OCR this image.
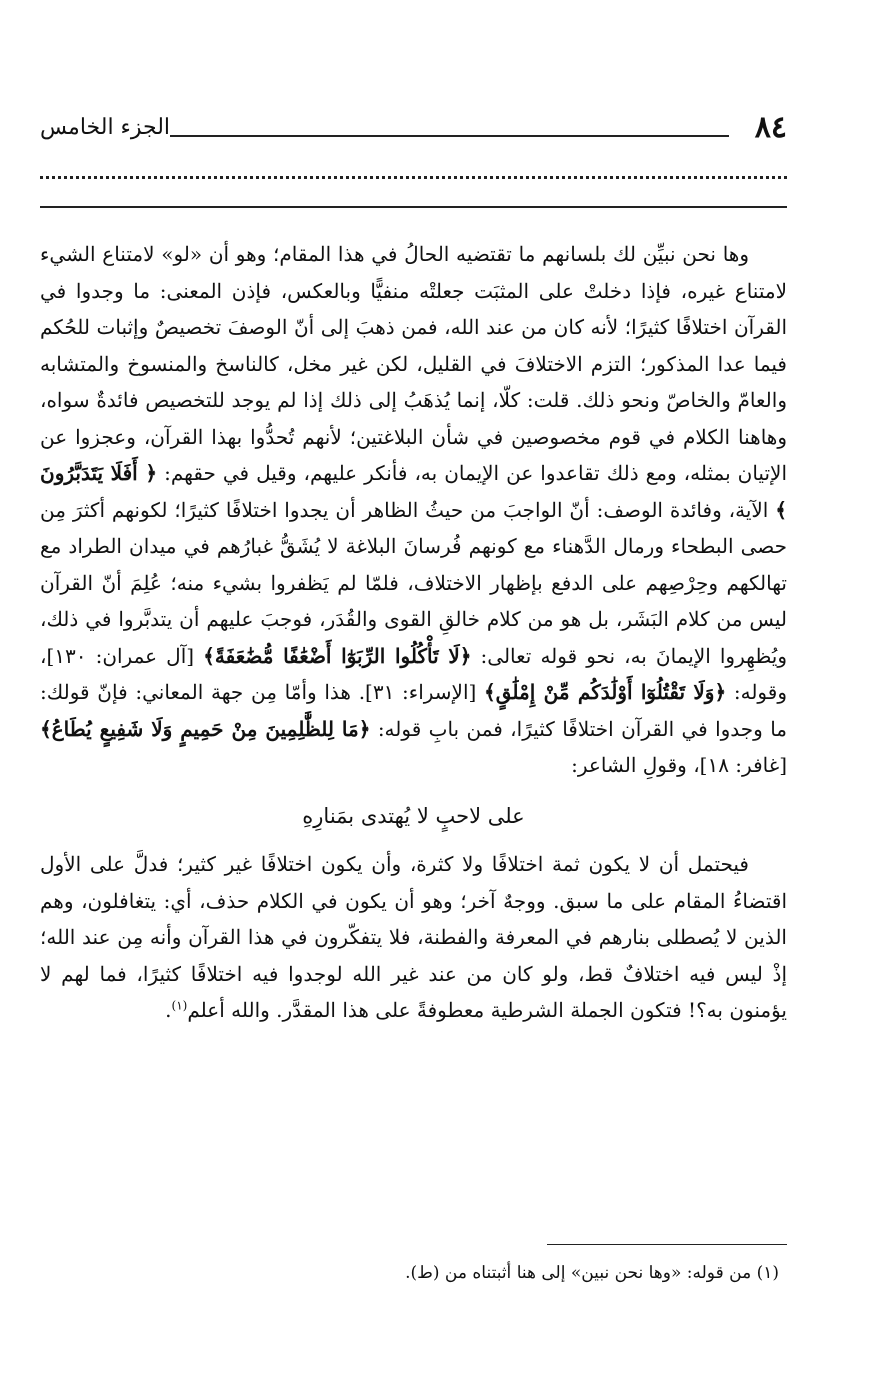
٨٤
الجزء الخامس

وها نحن نبيِّن لك بلسانهم ما تقتضيه الحالُ في هذا المقام؛ وهو أن «لو» لامتناع الشيء لامتناع غيره، فإذا دخلتْ على المثبَت جعلتْه منفيًّا وبالعكس، فإذن المعنى: ما وجدوا في القرآن اختلافًا كثيرًا؛ لأنه كان من عند الله، فمن ذهبَ إلى أنّ الوصفَ تخصيصٌ وإثبات للحُكم فيما عدا المذكور؛ التزم الاختلافَ في القليل، لكن غير مخل، كالناسخ والمنسوخ والمتشابه والعامّ والخاصّ ونحو ذلك. قلت: كلّا، إنما يُذهَبُ إلى ذلك إذا لم يوجد للتخصيص فائدةٌ سواه، وهاهنا الكلام في قوم مخصوصين في شأن البلاغتين؛ لأنهم تُحدُّوا بهذا القرآن، وعجزوا عن الإتيان بمثله، ومع ذلك تقاعدوا عن الإيمان به، فأنكر عليهم، وقيل في حقهم: ﴿ أَفَلَا يَتَدَبَّرُونَ ﴾ الآية، وفائدة الوصف: أنّ الواجبَ من حيثُ الظاهر أن يجدوا اختلافًا كثيرًا؛ لكونهم أكثرَ مِن حصى البطحاء ورمال الدَّهناء مع كونهم فُرسانَ البلاغة لا يُشَقُّ غبارُهم في ميدان الطراد مع تهالكهم وحِرْصِهم على الدفع بإظهار الاختلاف، فلمّا لم يَظفروا بشيء منه؛ عُلِمَ أنّ القرآن ليس من كلام البَشَر، بل هو من كلام خالقِ القوى والقُدَر، فوجبَ عليهم أن يتدبَّروا في ذلك، ويُظهِروا الإيمانَ به، نحو قوله تعالى: ﴿لَا تَأْكُلُوا الرِّبَوٰٓا أَضْعَٰفًا مُّضَٰعَفَةً﴾ [آل عمران: ١٣٠]، وقوله: ﴿وَلَا تَقْتُلُوٓا أَوْلَٰدَكُم مِّنْ إِمْلَٰقٍ﴾ [الإسراء: ٣١]. هذا وأمّا مِن جهة المعاني: فإنّ قولك: ما وجدوا في القرآن اختلافًا كثيرًا، فمن بابِ قوله: ﴿مَا لِلظَّٰلِمِينَ مِنْ حَمِيمٍ وَلَا شَفِيعٍ يُطَاعُ﴾ [غافر: ١٨]، وقولِ الشاعر:

على لاحبٍ لا يُهتدى بمَنارِهِ

فيحتمل أن لا يكون ثمة اختلافًا ولا كثرة، وأن يكون اختلافًا غير كثير؛ فدلَّ على الأول اقتضاءُ المقام على ما سبق. ووجهٌ آخر؛ وهو أن يكون في الكلام حذف، أي: يتغافلون، وهم الذين لا يُصطلى بنارهم في المعرفة والفطنة، فلا يتفكّرون في هذا القرآن وأنه مِن عند الله؛ إذْ ليس فيه اختلافٌ قط، ولو كان من عند غير الله لوجدوا فيه اختلافًا كثيرًا، فما لهم لا يؤمنون به؟! فتكون الجملة الشرطية معطوفةً على هذا المقدَّر. والله أعلم$^{(١)}$.

(١) من قوله: «وها نحن نبين» إلى هنا أثبتناه من (ط).
